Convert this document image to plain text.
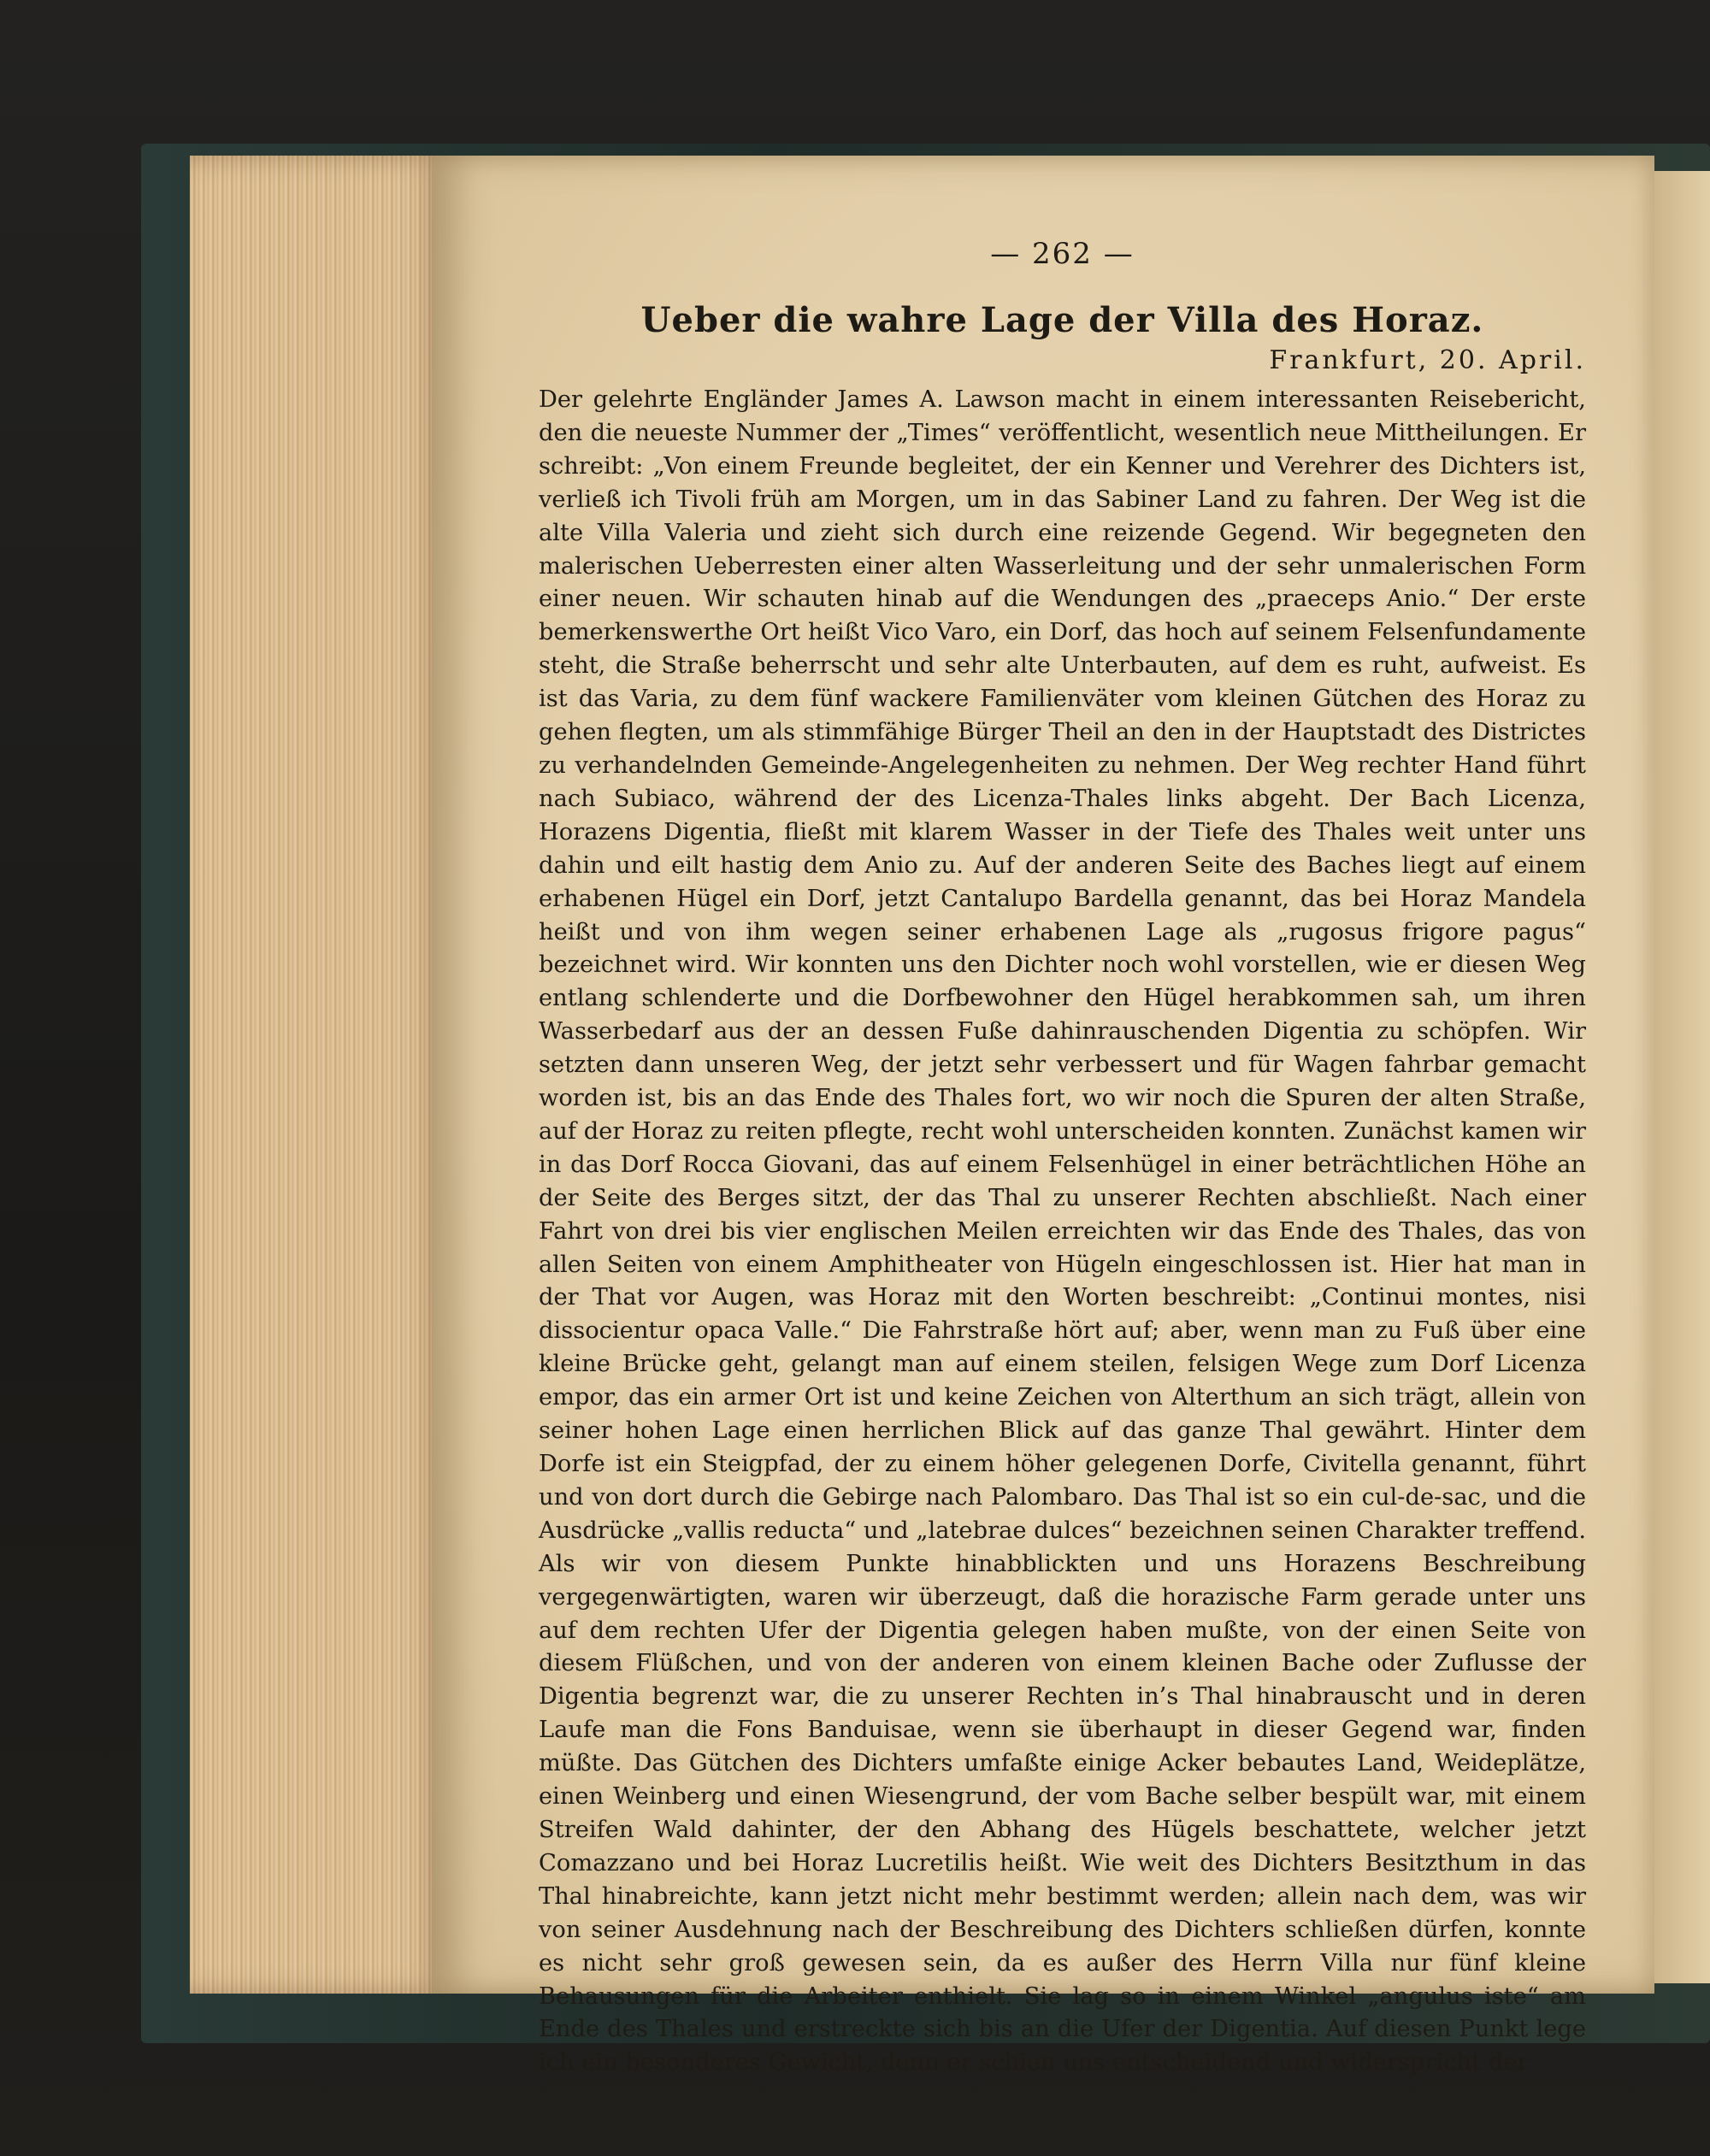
— 262 —
Ueber die wahre Lage der Villa des Horaz.
Frankfurt, 20. April.

Der gelehrte Engländer James A. Lawson macht in einem interessanten Reisebericht, den die neueste Nummer der „Times“ veröffentlicht, wesentlich neue Mittheilungen. Er schreibt: „Von einem Freunde begleitet, der ein Kenner und Verehrer des Dichters ist, verließ ich Tivoli früh am Morgen, um in das Sabiner Land zu fahren. Der Weg ist die alte Villa Valeria und zieht sich durch eine reizende Gegend. Wir begegneten den malerischen Ueberresten einer alten Wasserleitung und der sehr unmalerischen Form einer neuen. Wir schauten hinab auf die Wendungen des „praeceps Anio.“ Der erste bemerkenswerthe Ort heißt Vico Varo, ein Dorf, das hoch auf seinem Felsenfundamente steht, die Straße beherrscht und sehr alte Unterbauten, auf dem es ruht, aufweist. Es ist das Varia, zu dem fünf wackere Familienväter vom kleinen Gütchen des Horaz zu gehen flegten, um als stimmfähige Bürger Theil an den in der Hauptstadt des Districtes zu verhandelnden Gemeinde-Angelegenheiten zu nehmen. Der Weg rechter Hand führt nach Subiaco, während der des Licenza-Thales links abgeht. Der Bach Licenza, Horazens Digentia, fließt mit klarem Wasser in der Tiefe des Thales weit unter uns dahin und eilt hastig dem Anio zu. Auf der anderen Seite des Baches liegt auf einem erhabenen Hügel ein Dorf, jetzt Cantalupo Bardella genannt, das bei Horaz Mandela heißt und von ihm wegen seiner erhabenen Lage als „rugosus frigore pagus“ bezeichnet wird. Wir konnten uns den Dichter noch wohl vorstellen, wie er diesen Weg entlang schlenderte und die Dorfbewohner den Hügel herabkommen sah, um ihren Wasserbedarf aus der an dessen Fuße dahinrauschenden Digentia zu schöpfen. Wir setzten dann unseren Weg, der jetzt sehr verbessert und für Wagen fahrbar gemacht worden ist, bis an das Ende des Thales fort, wo wir noch die Spuren der alten Straße, auf der Horaz zu reiten pflegte, recht wohl unterscheiden konnten. Zunächst kamen wir in das Dorf Rocca Giovani, das auf einem Felsenhügel in einer beträchtlichen Höhe an der Seite des Berges sitzt, der das Thal zu unserer Rechten abschließt. Nach einer Fahrt von drei bis vier englischen Meilen erreichten wir das Ende des Thales, das von allen Seiten von einem Amphitheater von Hügeln eingeschlossen ist. Hier hat man in der That vor Augen, was Horaz mit den Worten beschreibt: „Continui montes, nisi dissocientur opaca Valle.“ Die Fahrstraße hört auf; aber, wenn man zu Fuß über eine kleine Brücke geht, gelangt man auf einem steilen, felsigen Wege zum Dorf Licenza empor, das ein armer Ort ist und keine Zeichen von Alterthum an sich trägt, allein von seiner hohen Lage einen herrlichen Blick auf das ganze Thal gewährt. Hinter dem Dorfe ist ein Steigpfad, der zu einem höher gelegenen Dorfe, Civitella genannt, führt und von dort durch die Gebirge nach Palombaro. Das Thal ist so ein cul-de-sac, und die Ausdrücke „vallis reducta“ und „latebrae dulces“ bezeichnen seinen Charakter treffend. Als wir von diesem Punkte hinabblickten und uns Horazens Beschreibung vergegenwärtigten, waren wir überzeugt, daß die horazische Farm gerade unter uns auf dem rechten Ufer der Digentia gelegen haben mußte, von der einen Seite von diesem Flüßchen, und von der anderen von einem kleinen Bache oder Zuflusse der Digentia begrenzt war, die zu unserer Rechten in’s Thal hinabrauscht und in deren Laufe man die Fons Banduisae, wenn sie überhaupt in dieser Gegend war, finden müßte. Das Gütchen des Dichters umfaßte einige Acker bebautes Land, Weideplätze, einen Weinberg und einen Wiesengrund, der vom Bache selber bespült war, mit einem Streifen Wald dahinter, der den Abhang des Hügels beschattete, welcher jetzt Comazzano und bei Horaz Lucretilis heißt. Wie weit des Dichters Besitzthum in das Thal hinabreichte, kann jetzt nicht mehr bestimmt werden; allein nach dem, was wir von seiner Ausdehnung nach der Beschreibung des Dichters schließen dürfen, konnte es nicht sehr groß gewesen sein, da es außer des Herrn Villa nur fünf kleine Behausungen für die Arbeiter enthielt. Sie lag so in einem Winkel „angulus iste“ am Ende des Thales und erstreckte sich bis an die Ufer der Digentia. Auf diesen Punkt lege ich ein besonderes Gewicht, denn er schien uns entscheidend und widerspricht der
